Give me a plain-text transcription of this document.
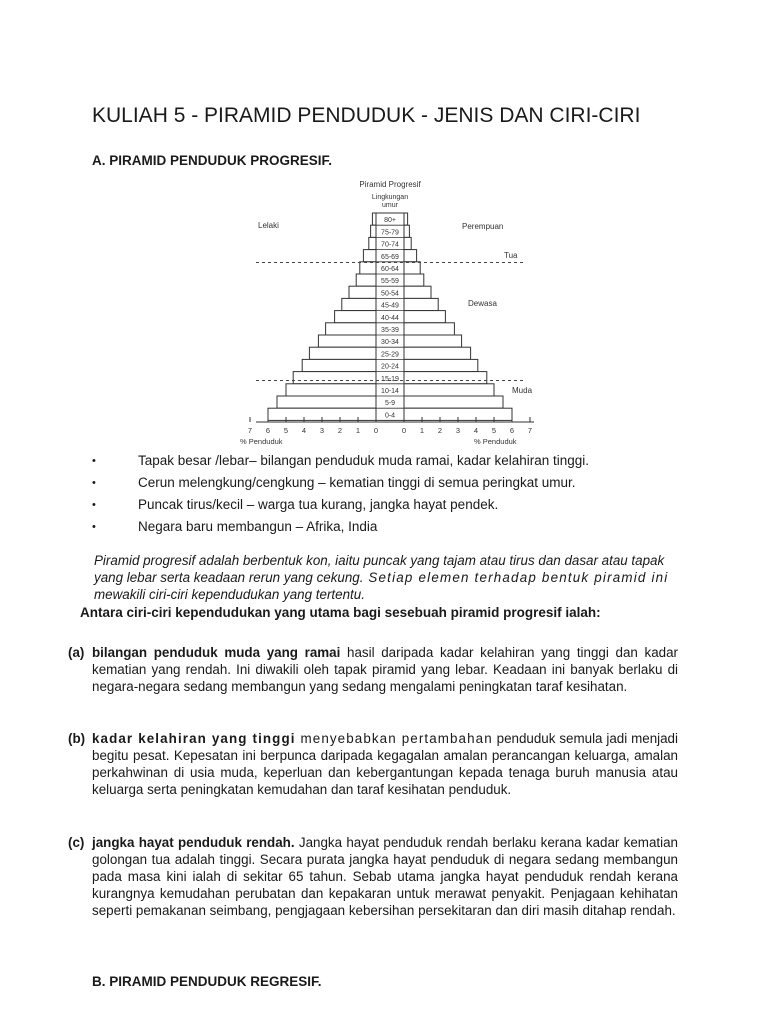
KULIAH 5 - PIRAMID PENDUDUK - JENIS DAN CIRI-CIRI
A. PIRAMID PENDUDUK PROGRESIF.
80+
75-79
70-74
65-69
60-64
55-59
50-54
45-49
40-44
35-39
30-34
25-29
20-24
15-19
10-14
5-9
0-4
7 6 5 4 3 2 1 0	0 1 2 3 4 5 6 7
Piramid Progresif
Lingkungan
umur
Lelaki	Perempuan
Tua
Dewasa
Muda
% Penduduk	% Penduduk
•	Tapak besar /lebar– bilangan penduduk muda ramai, kadar kelahiran tinggi.
•	Cerun melengkung/cengkung – kematian tinggi di semua peringkat umur.
•	Puncak tirus/kecil – warga tua kurang, jangka hayat pendek.
•	Negara baru membangun – Afrika, India

Piramid progresif adalah berbentuk kon, iaitu puncak yang tajam atau tirus dan dasar atau tapak yang lebar serta keadaan rerun yang cekung. Setiap elemen terhadap bentuk piramid ini mewakili ciri-ciri kependudukan yang tertentu.

Antara ciri-ciri kependudukan yang utama bagi sesebuah piramid progresif ialah:

(a) bilangan penduduk muda yang ramai hasil daripada kadar kelahiran yang tinggi dan kadar kematian yang rendah. Ini diwakili oleh tapak piramid yang lebar. Keadaan ini banyak berlaku di negara-negara sedang membangun yang sedang mengalami peningkatan taraf kesihatan.
(b) kadar kelahiran yang tinggi menyebabkan pertambahan penduduk semula jadi menjadi begitu pesat. Kepesatan ini berpunca daripada kegagalan amalan perancangan keluarga, amalan perkahwinan di usia muda, keperluan dan kebergantungan kepada tenaga buruh manusia atau keluarga serta peningkatan kemudahan dan taraf kesihatan penduduk.
(c) jangka hayat penduduk rendah. Jangka hayat penduduk rendah berlaku kerana kadar kematian golongan tua adalah tinggi. Secara purata jangka hayat penduduk di negara sedang membangun pada masa kini ialah di sekitar 65 tahun. Sebab utama jangka hayat penduduk rendah kerana kurangnya kemudahan perubatan dan kepakaran untuk merawat penyakit. Penjagaan kehihatan seperti pemakanan seimbang, pengjagaan kebersihan persekitaran dan diri masih ditahap rendah.
B. PIRAMID PENDUDUK REGRESIF.
